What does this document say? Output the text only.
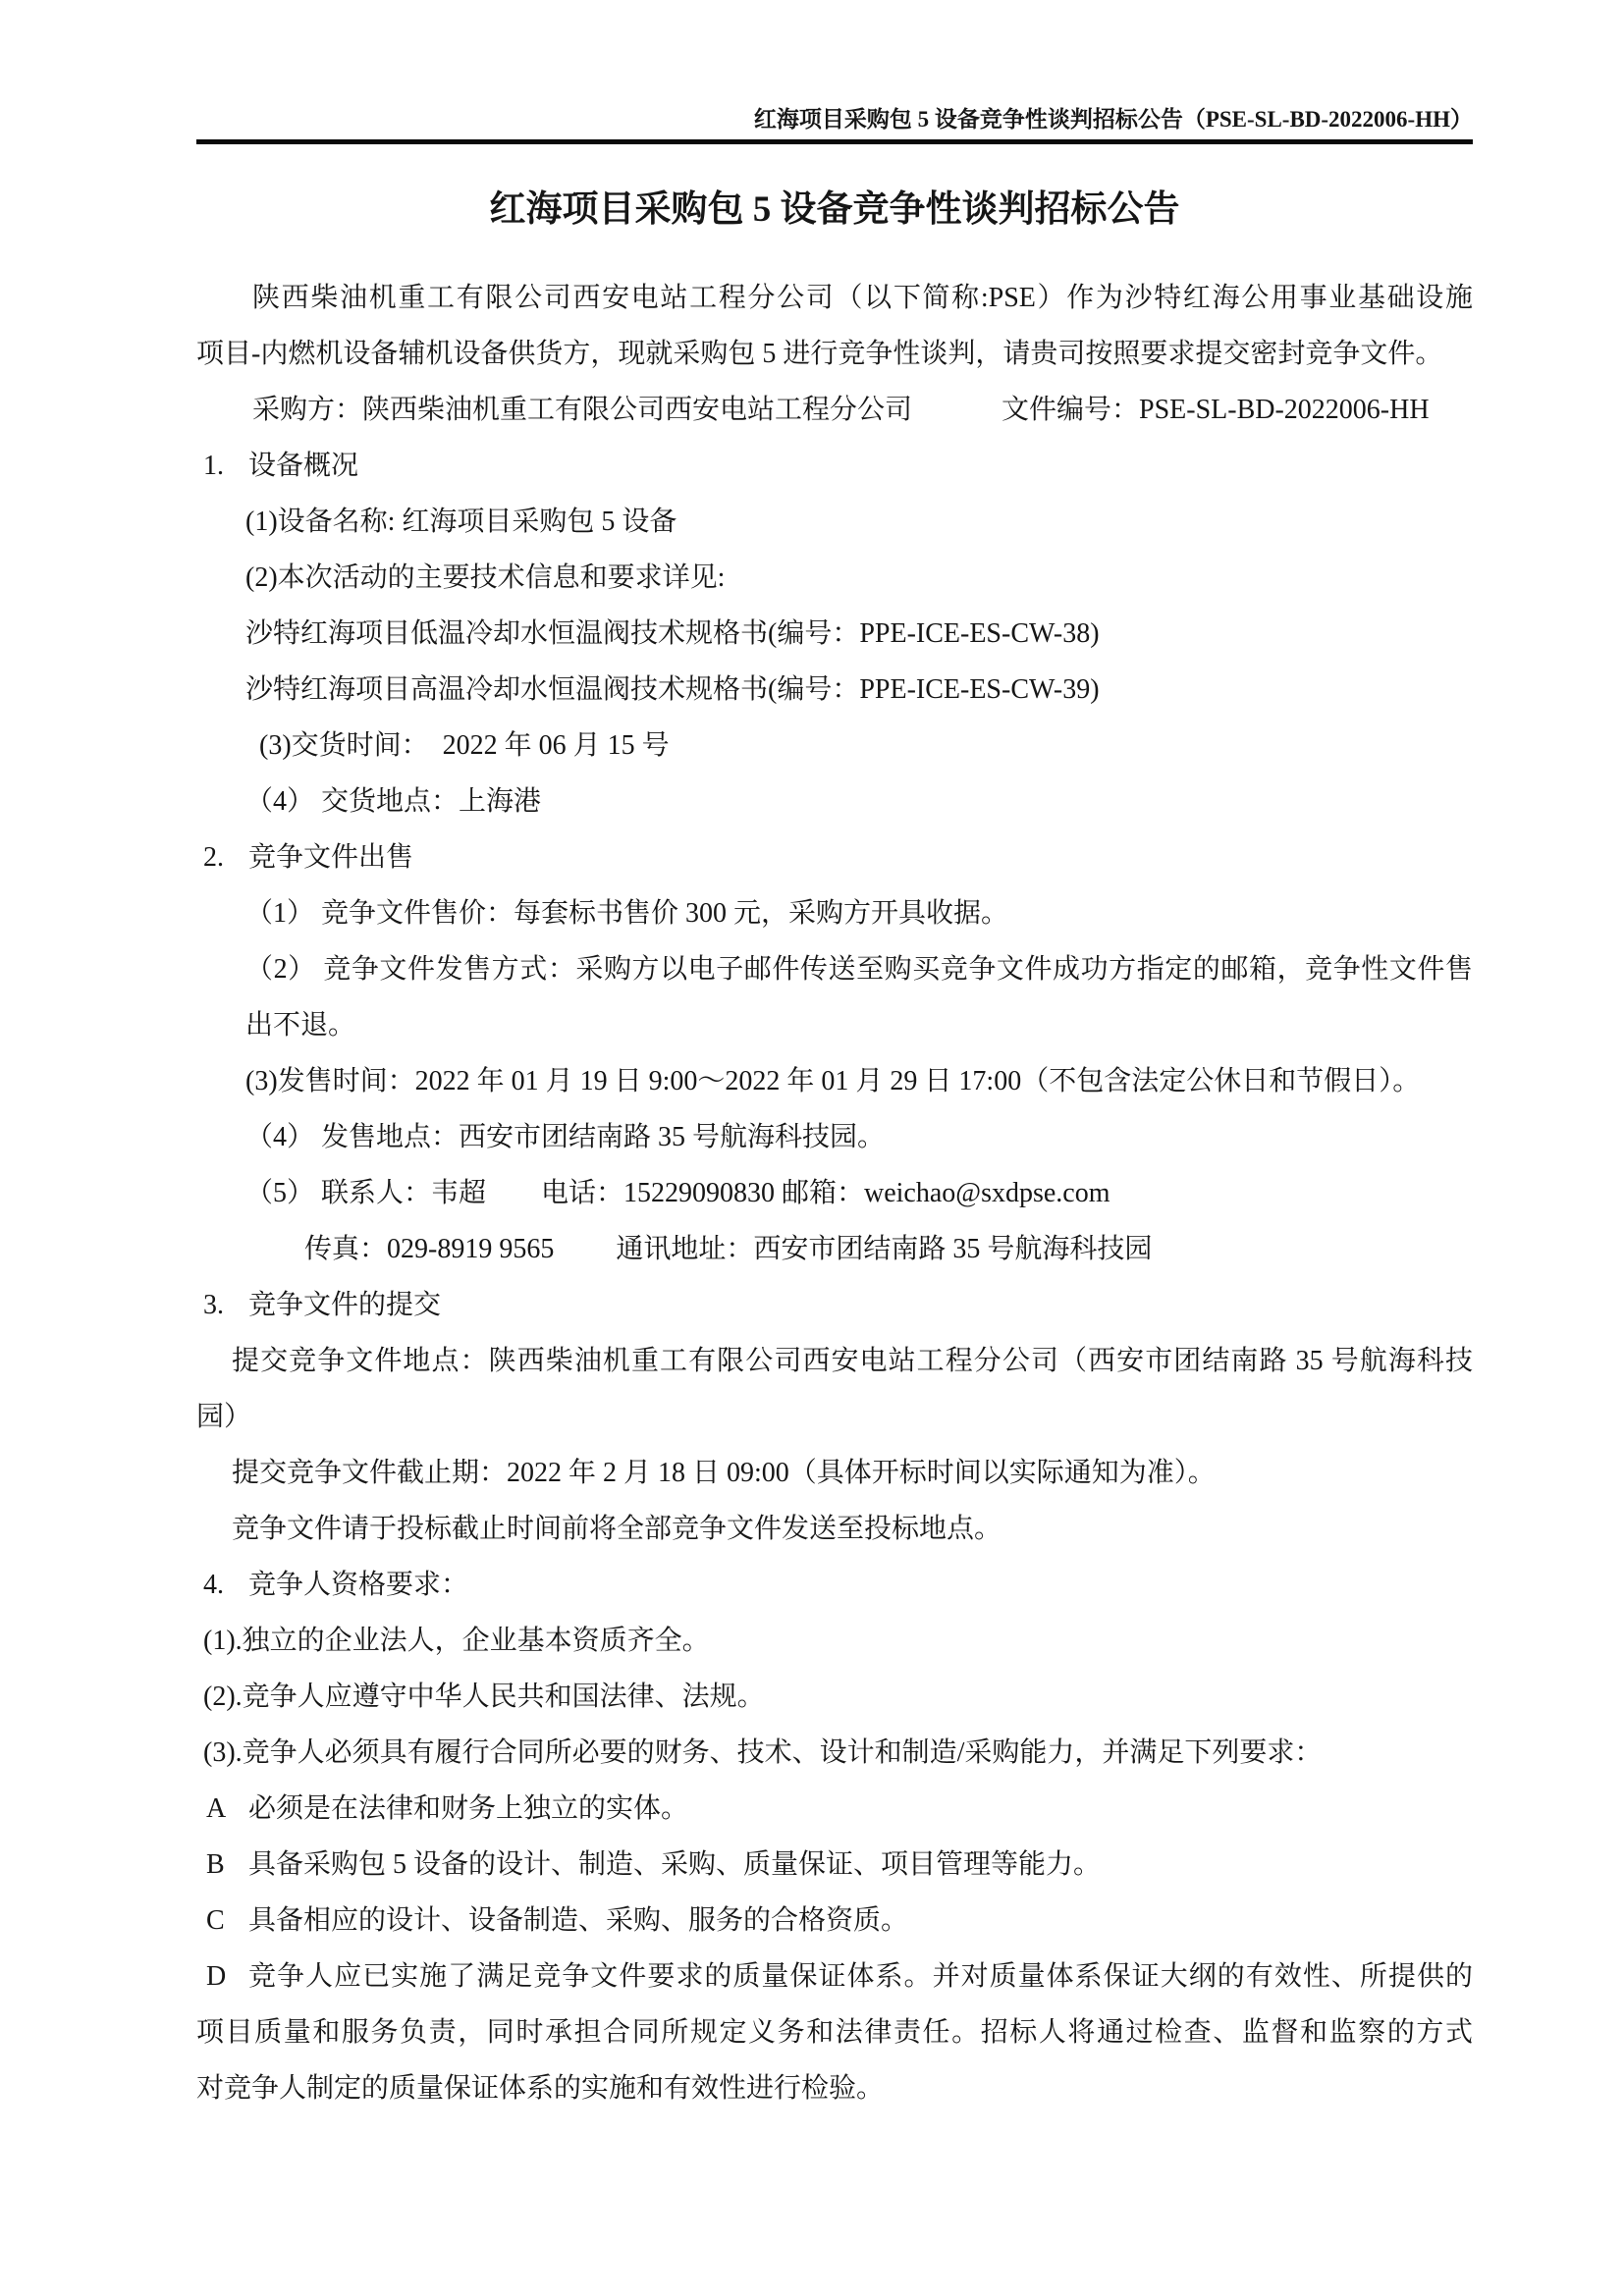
红海项目采购包 5 设备竞争性谈判招标公告（PSE-SL-BD-2022006-HH）
红海项目采购包 5 设备竞争性谈判招标公告
陕西柴油机重工有限公司西安电站工程分公司（以下简称:PSE）作为沙特红海公用事业基础设施
项目-内燃机设备辅机设备供货方，现就采购包 5 进行竞争性谈判，请贵司按照要求提交密封竞争文件。
采购方：陕西柴油机重工有限公司西安电站工程分公司　　　 文件编号：PSE-SL-BD-2022006-HH
1. 设备概况
(1)设备名称: 红海项目采购包 5 设备
(2)本次活动的主要技术信息和要求详见:
沙特红海项目低温冷却水恒温阀技术规格书(编号：PPE-ICE-ES-CW-38)
沙特红海项目高温冷却水恒温阀技术规格书(编号：PPE-ICE-ES-CW-39)
(3)交货时间：　2022 年 06 月 15 号
（4） 交货地点：上海港
2. 竞争文件出售
（1） 竞争文件售价：每套标书售价 300 元，采购方开具收据。
（2） 竞争文件发售方式：采购方以电子邮件传送至购买竞争文件成功方指定的邮箱，竞争性文件售
出不退。
(3)发售时间：2022 年 01 月 19 日 9:00～2022 年 01 月 29 日 17:00（不包含法定公休日和节假日）。
（4） 发售地点：西安市团结南路 35 号航海科技园。
（5） 联系人：韦超　　电话：15229090830 邮箱：weichao@sxdpse.com
传真：029-8919 9565　　 通讯地址：西安市团结南路 35 号航海科技园
3. 竞争文件的提交
提交竞争文件地点：陕西柴油机重工有限公司西安电站工程分公司（西安市团结南路 35 号航海科技
园）
提交竞争文件截止期：2022 年 2 月 18 日 09:00（具体开标时间以实际通知为准）。
竞争文件请于投标截止时间前将全部竞争文件发送至投标地点。
4. 竞争人资格要求：
(1).独立的企业法人，企业基本资质齐全。
(2).竞争人应遵守中华人民共和国法律、法规。
(3).竞争人必须具有履行合同所必要的财务、技术、设计和制造/采购能力，并满足下列要求：
A 必须是在法律和财务上独立的实体。
B 具备采购包 5 设备的设计、制造、采购、质量保证、项目管理等能力。
C 具备相应的设计、设备制造、采购、服务的合格资质。
D 竞争人应已实施了满足竞争文件要求的质量保证体系。并对质量体系保证大纲的有效性、所提供的
项目质量和服务负责，同时承担合同所规定义务和法律责任。招标人将通过检查、监督和监察的方式
对竞争人制定的质量保证体系的实施和有效性进行检验。
